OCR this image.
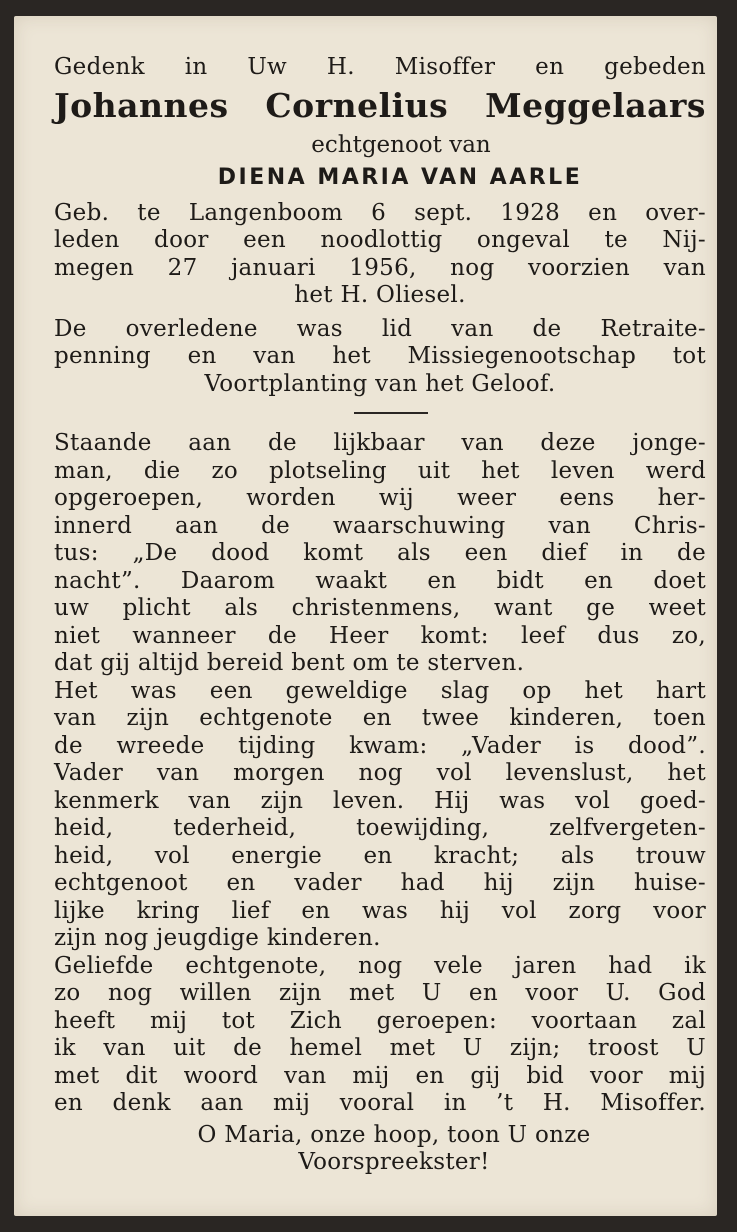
Gedenk in Uw H. Misoffer en gebeden
Johannes Cornelius Meggelaars
echtgenoot van
DIENA MARIA VAN AARLE
Geb. te Langenboom 6 sept. 1928 en over-
leden door een noodlottig ongeval te Nij-
megen 27 januari 1956, nog voorzien van
het H. Oliesel.
De overledene was lid van de Retraite-
penning en van het Missiegenootschap tot
Voortplanting van het Geloof.
Staande aan de lijkbaar van deze jonge-
man, die zo plotseling uit het leven werd
opgeroepen, worden wij weer eens her-
innerd aan de waarschuwing van Chris-
tus: „De dood komt als een dief in de
nacht”. Daarom waakt en bidt en doet
uw plicht als christenmens, want ge weet
niet wanneer de Heer komt: leef dus zo,
dat gij altijd bereid bent om te sterven.
Het was een geweldige slag op het hart
van zijn echtgenote en twee kinderen, toen
de wreede tijding kwam: „Vader is dood”.
Vader van morgen nog vol levenslust, het
kenmerk van zijn leven. Hij was vol goed-
heid, tederheid, toewijding, zelfvergeten-
heid, vol energie en kracht; als trouw
echtgenoot en vader had hij zijn huise-
lijke kring lief en was hij vol zorg voor
zijn nog jeugdige kinderen.
Geliefde echtgenote, nog vele jaren had ik
zo nog willen zijn met U en voor U. God
heeft mij tot Zich geroepen: voortaan zal
ik van uit de hemel met U zijn; troost U
met dit woord van mij en gij bid voor mij
en denk aan mij vooral in ’t H. Misoffer.
O Maria, onze hoop, toon U onze
Voorspreekster!
